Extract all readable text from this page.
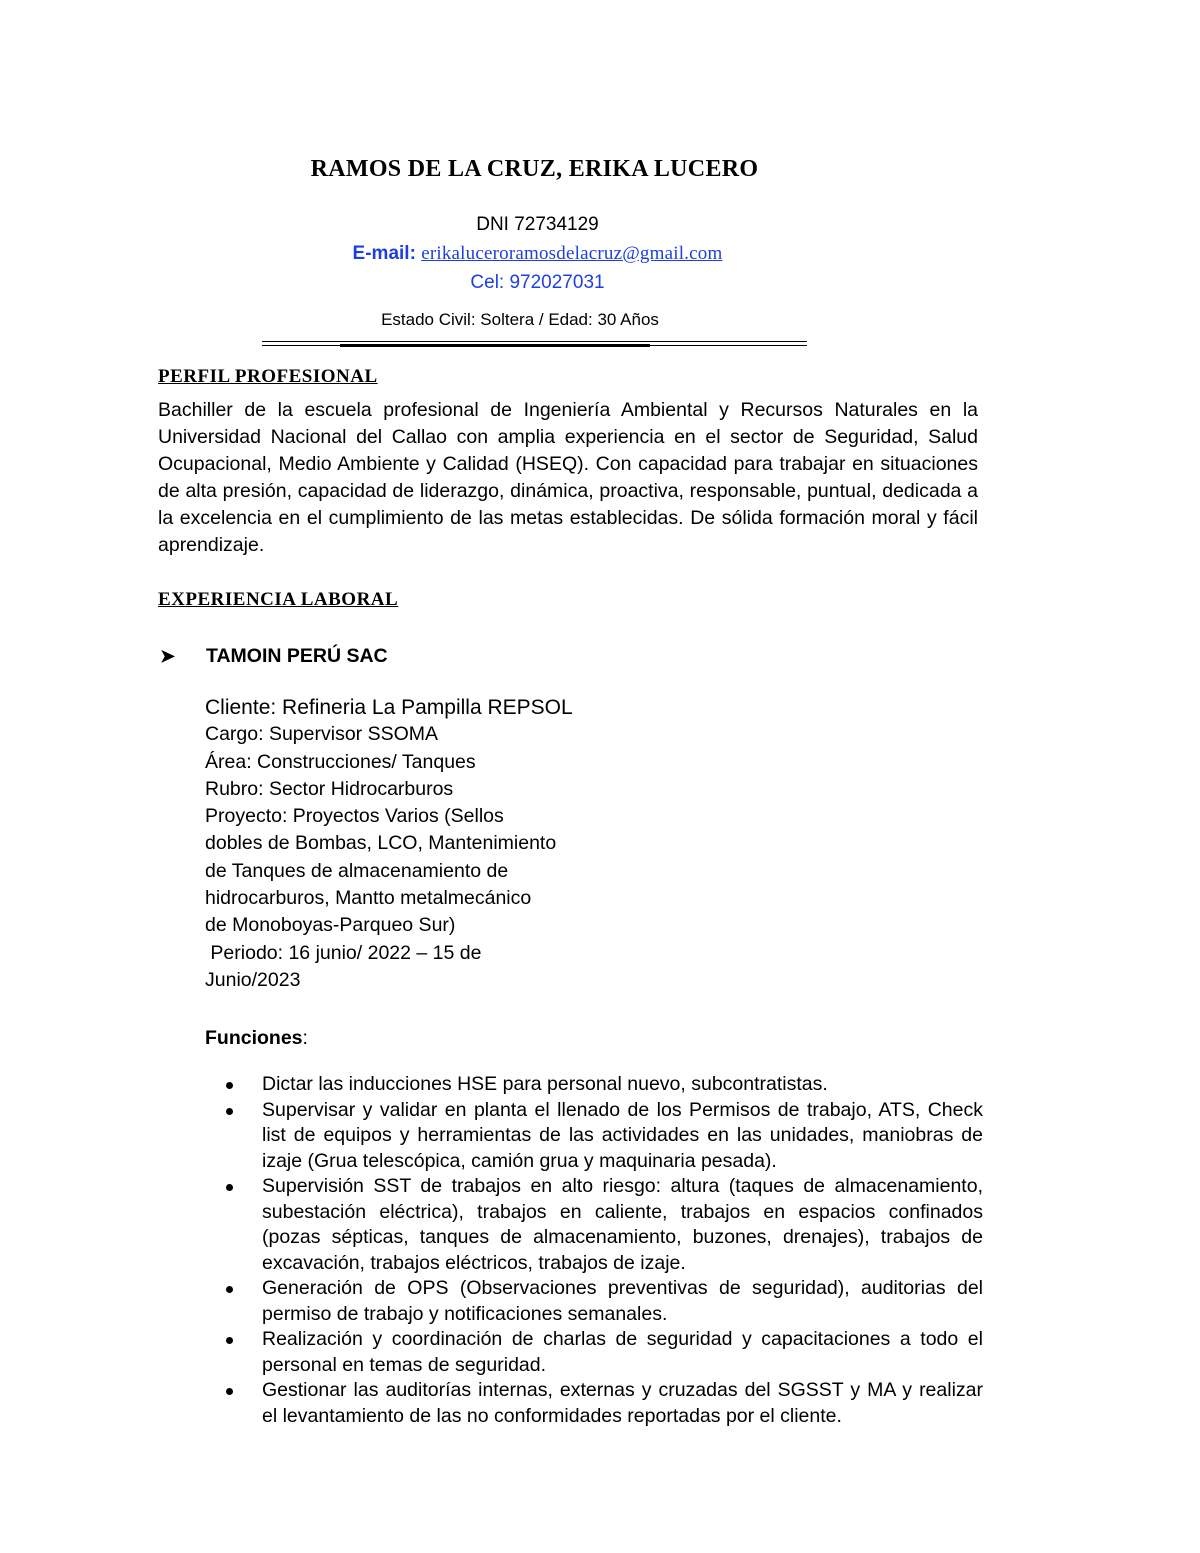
RAMOS DE LA CRUZ, ERIKA LUCERO
DNI 72734129
E-mail: erikaluceroramosdelacruz@gmail.com
Cel: 972027031
Estado Civil: Soltera / Edad: 30 Años
PERFIL PROFESIONAL
Bachiller de la escuela profesional de Ingeniería Ambiental y Recursos Naturales en la Universidad Nacional del Callao con amplia experiencia en el sector de Seguridad, Salud Ocupacional, Medio Ambiente y Calidad (HSEQ). Con capacidad para trabajar en situaciones de alta presión, capacidad de liderazgo, dinámica, proactiva, responsable, puntual, dedicada a la excelencia en el cumplimiento de las metas establecidas. De sólida formación moral y fácil aprendizaje.
EXPERIENCIA LABORAL
➤ TAMOIN PERÚ SAC
Cliente: Refineria La Pampilla REPSOL
Cargo: Supervisor SSOMA
Área: Construcciones/ Tanques
Rubro: Sector Hidrocarburos
Proyecto: Proyectos Varios (Sellos
dobles de Bombas, LCO, Mantenimiento
de Tanques de almacenamiento de
hidrocarburos, Mantto metalmecánico
de Monoboyas-Parqueo Sur)
Periodo: 16 junio/ 2022 – 15 de
Junio/2023
Funciones:
Dictar las inducciones HSE para personal nuevo, subcontratistas.
Supervisar y validar en planta el llenado de los Permisos de trabajo, ATS, Check list de equipos y herramientas de las actividades en las unidades, maniobras de izaje (Grua telescópica, camión grua y maquinaria pesada).
Supervisión SST de trabajos en alto riesgo: altura (taques de almacenamiento, subestación eléctrica), trabajos en caliente, trabajos en espacios confinados (pozas sépticas, tanques de almacenamiento, buzones, drenajes), trabajos de excavación, trabajos eléctricos, trabajos de izaje.
Generación de OPS (Observaciones preventivas de seguridad), auditorias del permiso de trabajo y notificaciones semanales.
Realización y coordinación de charlas de seguridad y capacitaciones a todo el personal en temas de seguridad.
Gestionar las auditorías internas, externas y cruzadas del SGSST y MA y realizar el levantamiento de las no conformidades reportadas por el cliente.
